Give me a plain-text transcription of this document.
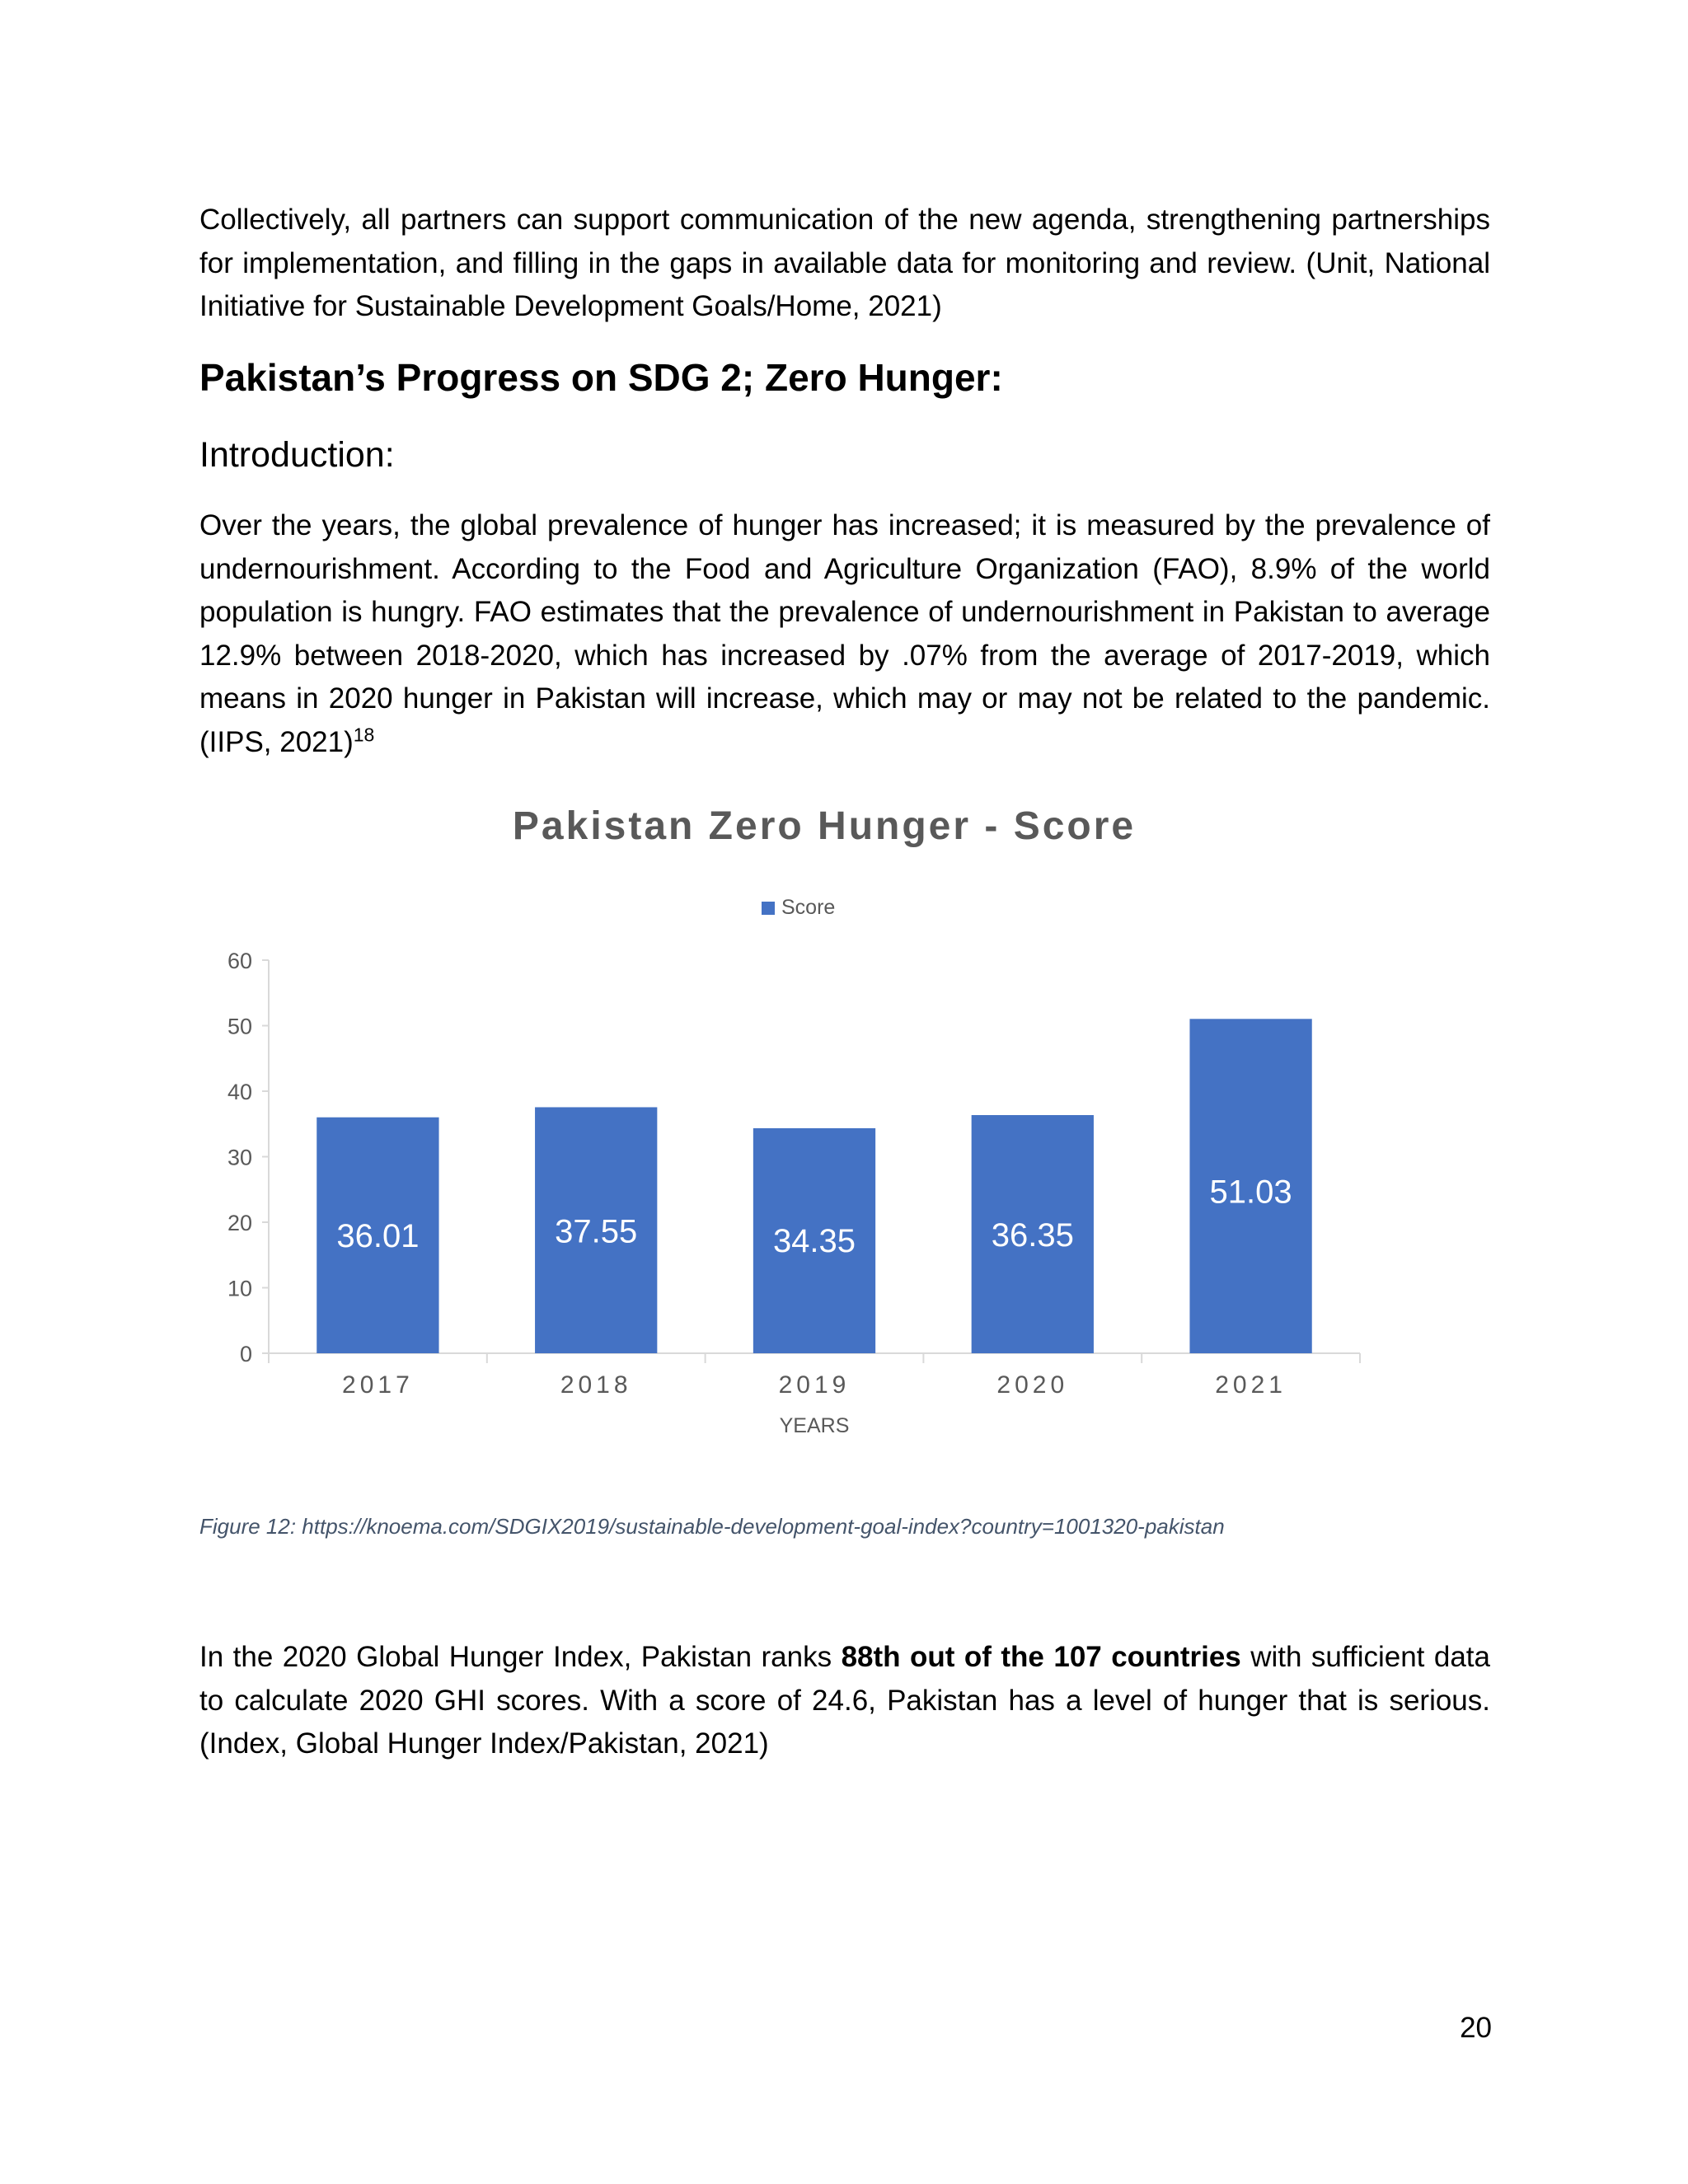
Collectively, all partners can support communication of the new agenda, strengthening partnerships for implementation, and filling in the gaps in available data for monitoring and review. (Unit, National Initiative for Sustainable Development Goals/Home, 2021)

Pakistan’s Progress on SDG 2; Zero Hunger:
Introduction:

Over the years, the global prevalence of hunger has increased; it is measured by the prevalence of undernourishment. According to the Food and Agriculture Organization (FAO), 8.9% of the world population is hungry. FAO estimates that the prevalence of undernourishment in Pakistan to average 12.9% between 2018-2020, which has increased by .07% from the average of 2017-2019, which means in 2020 hunger in Pakistan will increase, which may or may not be related to the pandemic. (IIPS, 2021)$^{18}$

Pakistan Zero Hunger - Score
Score
0
10
20
30
40
50
60
36.01
2017
37.55
2018
34.35
2019
36.35
2020
51.03
2021
YEARS

Figure 12: https://knoema.com/SDGIX2019/sustainable-development-goal-index?country=1001320-pakistan

In the 2020 Global Hunger Index, Pakistan ranks 88th out of the 107 countries with sufficient data to calculate 2020 GHI scores. With a score of 24.6, Pakistan has a level of hunger that is serious. (Index, Global Hunger Index/Pakistan, 2021)

20
